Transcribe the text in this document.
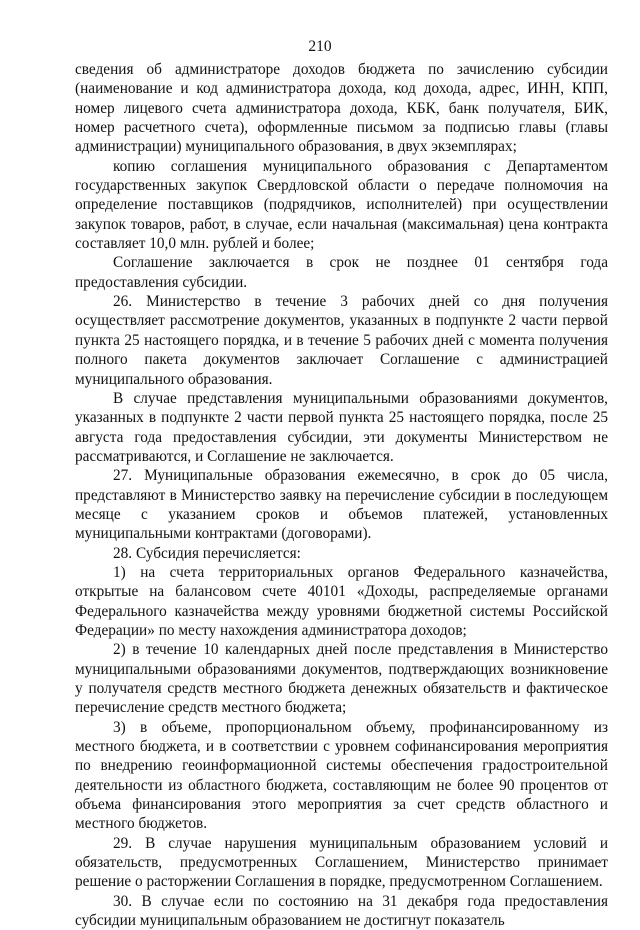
210

сведения об администраторе доходов бюджета по зачислению субсидии (наименование и код администратора дохода, код дохода, адрес, ИНН, КПП, номер лицевого счета администратора дохода, КБК, банк получателя, БИК, номер расчетного счета), оформленные письмом за подписью главы (главы администрации) муниципального образования, в двух экземплярах;

копию соглашения муниципального образования с Департаментом государственных закупок Свердловской области о передаче полномочия на определение поставщиков (подрядчиков, исполнителей) при осуществлении закупок товаров, работ, в случае, если начальная (максимальная) цена контракта составляет 10,0 млн. рублей и более;

Соглашение заключается в срок не позднее 01 сентября года предоставления субсидии.

26. Министерство в течение 3 рабочих дней со дня получения осуществляет рассмотрение документов, указанных в подпункте 2 части первой пункта 25 настоящего порядка, и в течение 5 рабочих дней с момента получения полного пакета документов заключает Соглашение с администрацией муниципального образования.

В случае представления муниципальными образованиями документов, указанных в подпункте 2 части первой пункта 25 настоящего порядка, после 25 августа года предоставления субсидии, эти документы Министерством не рассматриваются, и Соглашение не заключается.

27. Муниципальные образования ежемесячно, в срок до 05 числа, представляют в Министерство заявку на перечисление субсидии в последующем месяце с указанием сроков и объемов платежей, установленных муниципальными контрактами (договорами).

28. Субсидия перечисляется:

1) на счета территориальных органов Федерального казначейства, открытые на балансовом счете 40101 «Доходы, распределяемые органами Федерального казначейства между уровнями бюджетной системы Российской Федерации» по месту нахождения администратора доходов;

2) в течение 10 календарных дней после представления в Министерство муниципальными образованиями документов, подтверждающих возникновение у получателя средств местного бюджета денежных обязательств и фактическое перечисление средств местного бюджета;

3) в объеме, пропорциональном объему, профинансированному из местного бюджета, и в соответствии с уровнем софинансирования мероприятия по внедрению геоинформационной системы обеспечения градостроительной деятельности из областного бюджета, составляющим не более 90 процентов от объема финансирования этого мероприятия за счет средств областного и местного бюджетов.

29. В случае нарушения муниципальным образованием условий и обязательств, предусмотренных Соглашением, Министерство принимает решение о расторжении Соглашения в порядке, предусмотренном Соглашением.

30. В случае если по состоянию на 31 декабря года предоставления субсидии муниципальным образованием не достигнут показатель
